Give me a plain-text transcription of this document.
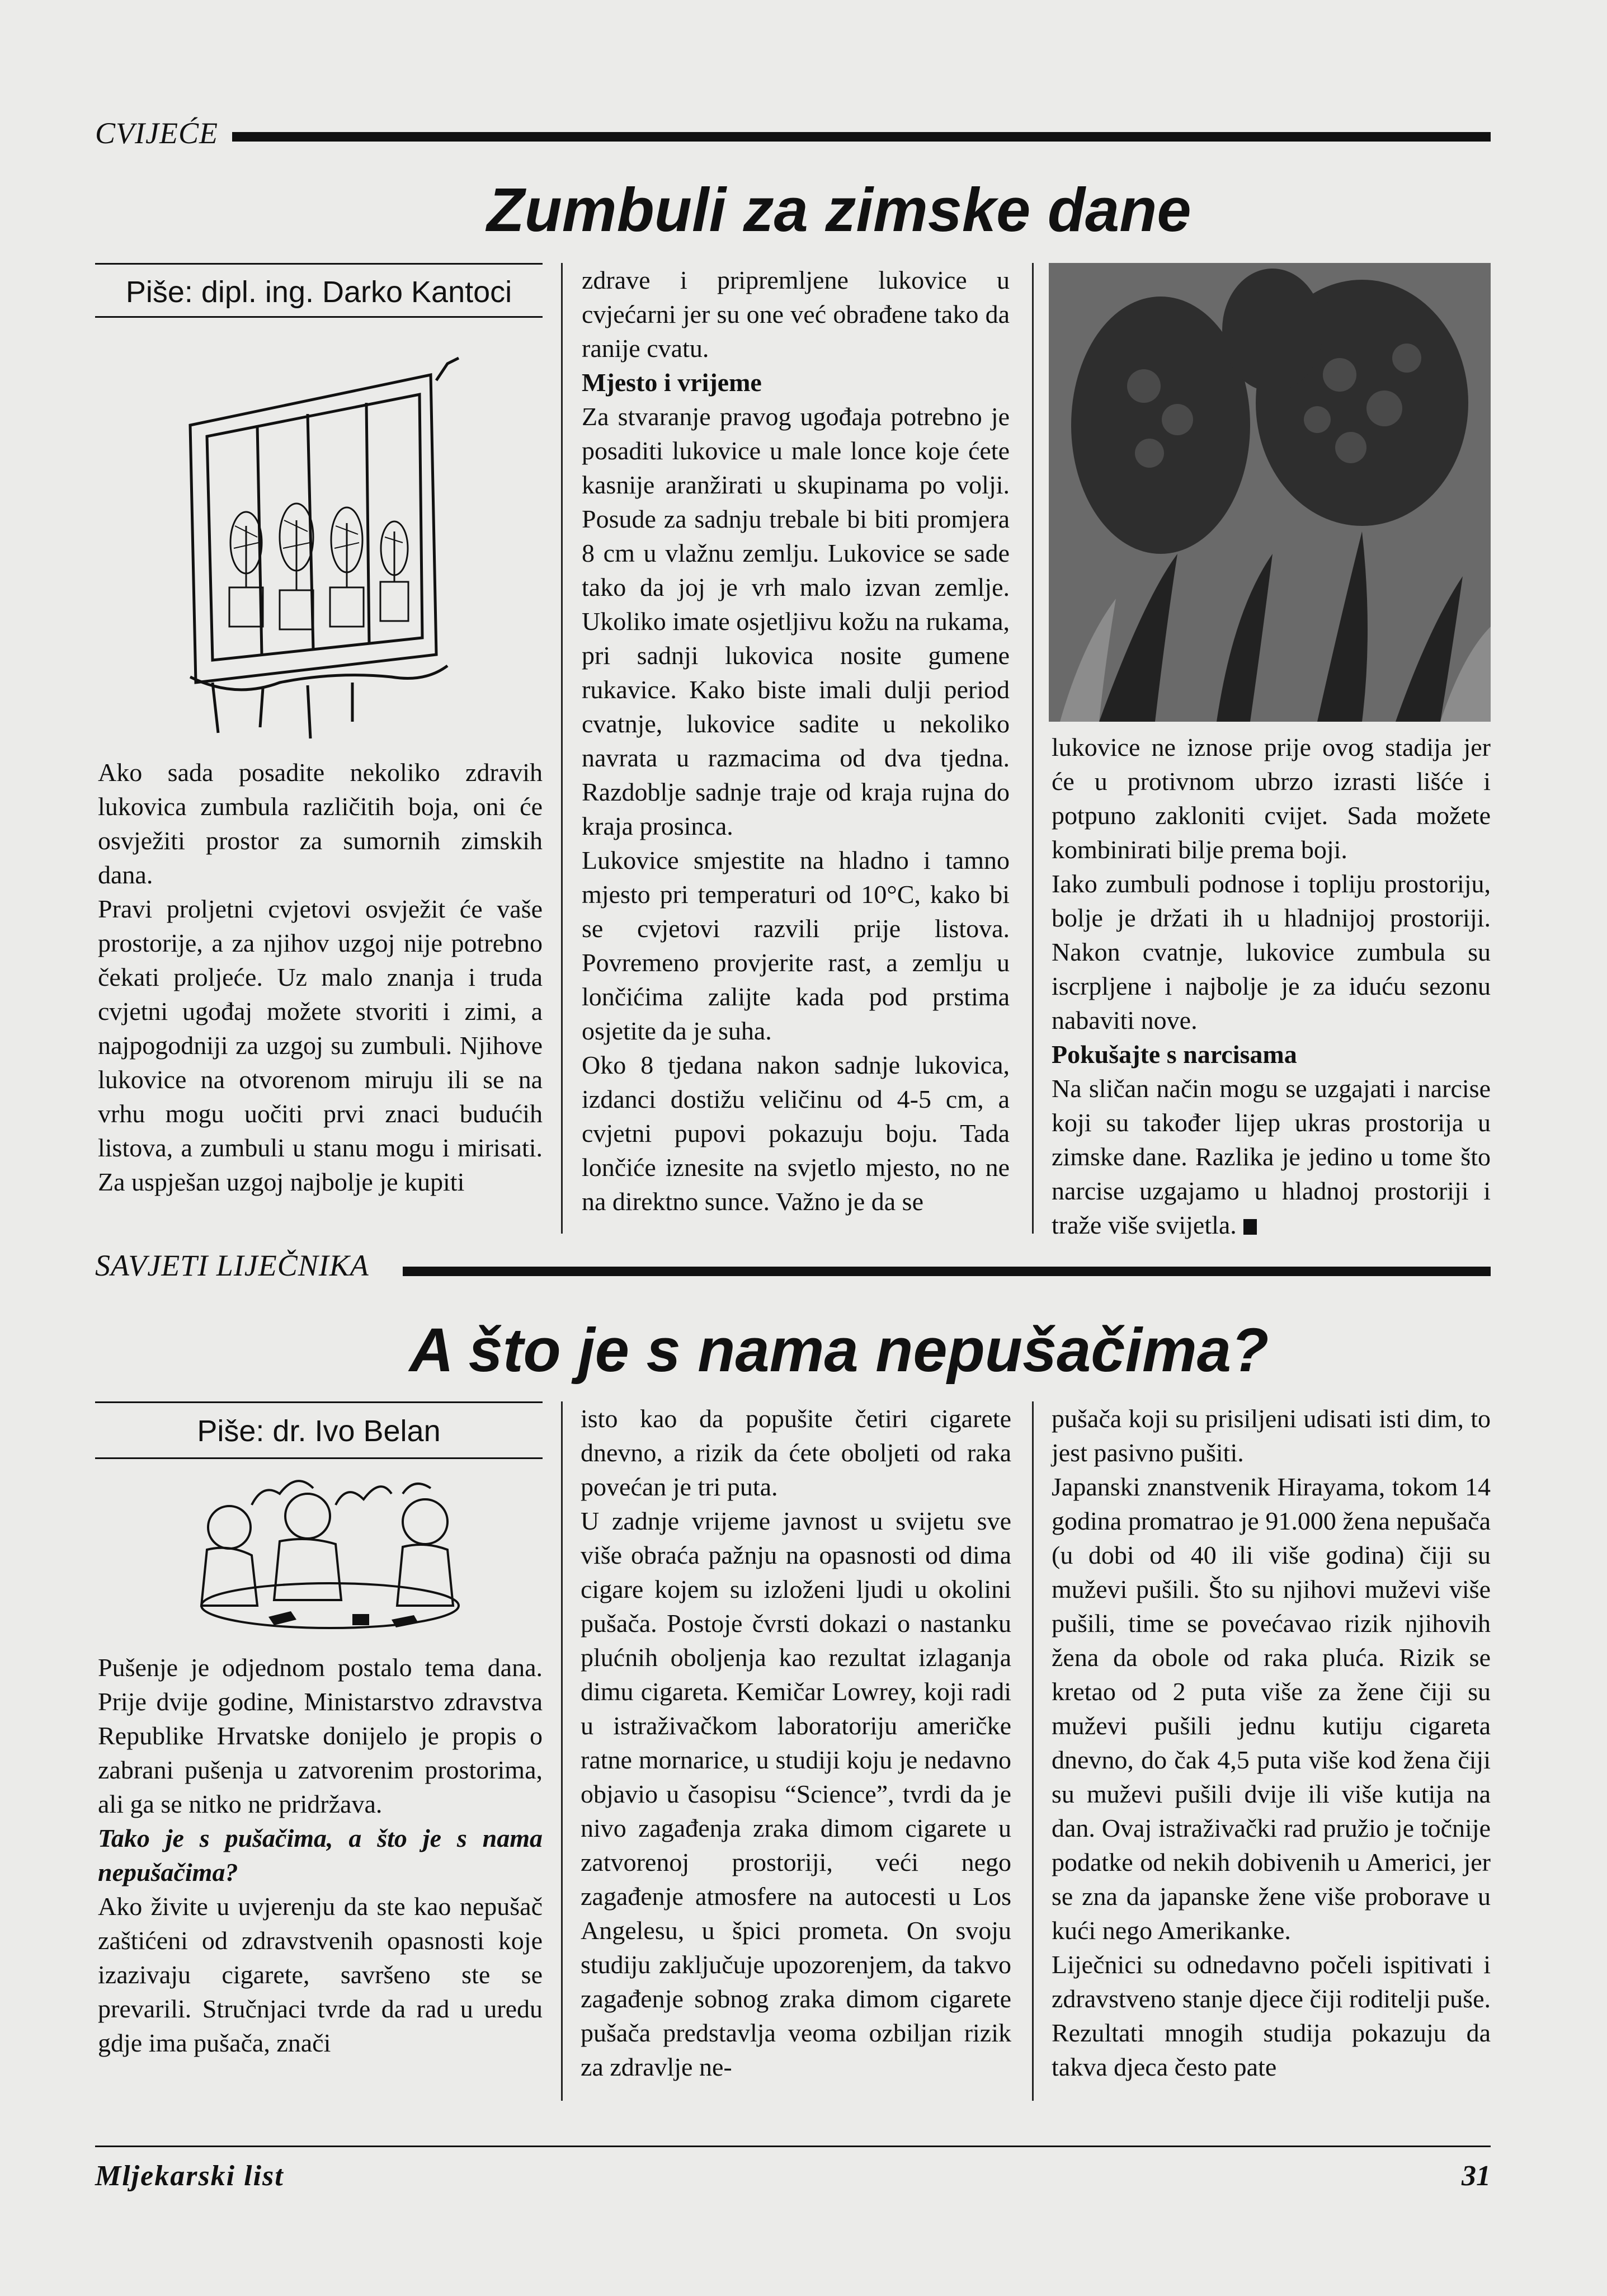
CVIJEĆE
Zumbuli za zimske dane
Piše: dipl. ing. Darko Kantoci

Ako sada posadite nekoliko zdravih lukovica zumbula različitih boja, oni će osvježiti prostor za sumornih zimskih dana.

Pravi proljetni cvjetovi osvježit će vaše prostorije, a za njihov uzgoj nije potrebno čekati proljeće. Uz malo znanja i truda cvjetni ugođaj možete stvoriti i zimi, a najpogodniji za uzgoj su zumbuli. Njihove lukovice na otvorenom miruju ili se na vrhu mogu uočiti prvi znaci budućih listova, a zumbuli u stanu mogu i mirisati. Za uspješan uzgoj najbolje je kupiti

zdrave i pripremljene lukovice u cvjećarni jer su one već obrađene tako da ranije cvatu.

Mjesto i vrijeme

Za stvaranje pravog ugođaja potrebno je posaditi lukovice u male lonce koje ćete kasnije aranžirati u skupinama po volji. Posude za sadnju trebale bi biti promjera 8 cm u vlažnu zemlju. Lukovice se sade tako da joj je vrh malo izvan zemlje. Ukoliko imate osjetljivu kožu na rukama, pri sadnji lukovica nosite gumene rukavice. Kako biste imali dulji period cvatnje, lukovice sadite u nekoliko navrata u razmacima od dva tjedna. Razdoblje sadnje traje od kraja rujna do kraja prosinca.

Lukovice smjestite na hladno i tamno mjesto pri temperaturi od 10°C, kako bi se cvjetovi razvili prije listova. Povremeno provjerite rast, a zemlju u lončićima zalijte kada pod prstima osjetite da je suha.

Oko 8 tjedana nakon sadnje lukovica, izdanci dostižu veličinu od 4-5 cm, a cvjetni pupovi pokazuju boju. Tada lončiće iznesite na svjetlo mjesto, no ne na direktno sunce. Važno je da se

lukovice ne iznose prije ovog stadija jer će u protivnom ubrzo izrasti lišće i potpuno zakloniti cvijet. Sada možete kombinirati bilje prema boji.

Iako zumbuli podnose i topliju prostoriju, bolje je držati ih u hladnijoj prostoriji. Nakon cvatnje, lukovice zumbula su iscrpljene i najbolje je za iduću sezonu nabaviti nove.

Pokušajte s narcisama

Na sličan način mogu se uzgajati i narcise koji su također lijep ukras prostorija u zimske dane. Razlika je jedino u tome što narcise uzgajamo u hladnoj prostoriji i traže više svijetla.

SAVJETI LIJEČNIKA
A što je s nama nepušačima?
Piše: dr. Ivo Belan

Pušenje je odjednom postalo tema dana. Prije dvije godine, Ministarstvo zdravstva Republike Hrvatske donijelo je propis o zabrani pušenja u zatvorenim prostorima, ali ga se nitko ne pridržava.

Tako je s pušačima, a što je s nama nepušačima?

Ako živite u uvjerenju da ste kao nepušač zaštićeni od zdravstvenih opasnosti koje izazivaju cigarete, savršeno ste se prevarili. Stručnjaci tvrde da rad u uredu gdje ima pušača, znači

isto kao da popušite četiri cigarete dnevno, a rizik da ćete oboljeti od raka povećan je tri puta.

U zadnje vrijeme javnost u svijetu sve više obraća pažnju na opasnosti od dima cigare kojem su izloženi ljudi u okolini pušača. Postoje čvrsti dokazi o nastanku plućnih oboljenja kao rezultat izlaganja dimu cigareta. Kemičar Lowrey, koji radi u istraživačkom laboratoriju američke ratne mornarice, u studiji koju je nedavno objavio u časopisu “Science”, tvrdi da je nivo zagađenja zraka dimom cigarete u zatvorenoj prostoriji, veći nego zagađenje atmosfere na autocesti u Los Angelesu, u špici prometa. On svoju studiju zaključuje upozorenjem, da takvo zagađenje sobnog zraka dimom cigarete pušača predstavlja veoma ozbiljan rizik za zdravlje ne-

pušača koji su prisiljeni udisati isti dim, to jest pasivno pušiti.

Japanski znanstvenik Hirayama, tokom 14 godina promatrao je 91.000 žena nepušača (u dobi od 40 ili više godina) čiji su muževi pušili. Što su njihovi muževi više pušili, time se povećavao rizik njihovih žena da obole od raka pluća. Rizik se kretao od 2 puta više za žene čiji su muževi pušili jednu kutiju cigareta dnevno, do čak 4,5 puta više kod žena čiji su muževi pušili dvije ili više kutija na dan. Ovaj istraživački rad pružio je točnije podatke od nekih dobivenih u Americi, jer se zna da japanske žene više proborave u kući nego Amerikanke.

Liječnici su odnedavno počeli ispitivati i zdravstveno stanje djece čiji roditelji puše. Rezultati mnogih studija pokazuju da takva djeca često pate

Mljekarski list	31
